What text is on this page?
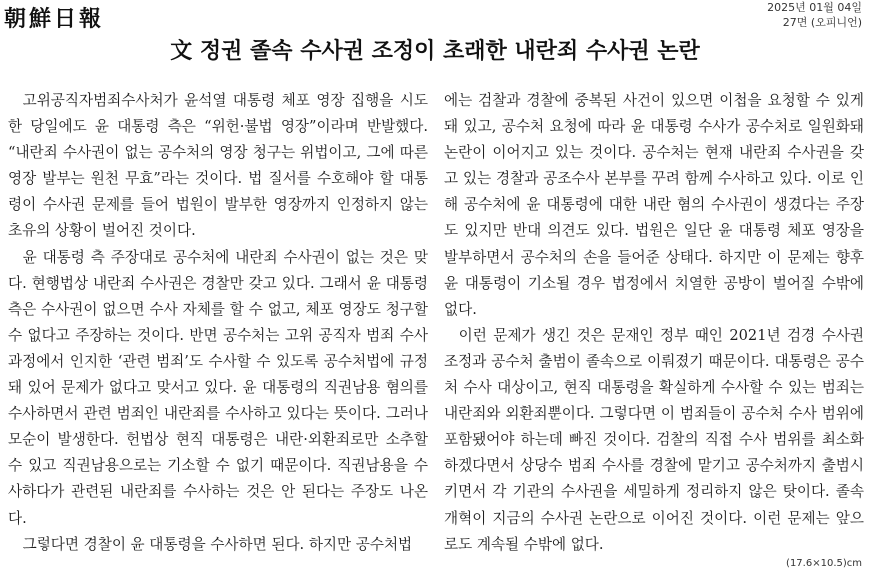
朝鮮日報	2025년 01월 04일
27면 (오피니언)
文 정권 졸속 수사권 조정이 초래한 내란죄 수사권 논란

고위공직자범죄수사처가 윤석열 대통령 체포 영장 집행을 시도한 당일에도 윤 대통령 측은 “위헌·불법 영장”이라며 반발했다. “내란죄 수사권이 없는 공수처의 영장 청구는 위법이고, 그에 따른 영장 발부는 원천 무효”라는 것이다. 법 질서를 수호해야 할 대통령이 수사권 문제를 들어 법원이 발부한 영장까지 인정하지 않는 초유의 상황이 벌어진 것이다.

윤 대통령 측 주장대로 공수처에 내란죄 수사권이 없는 것은 맞다. 현행법상 내란죄 수사권은 경찰만 갖고 있다. 그래서 윤 대통령 측은 수사권이 없으면 수사 자체를 할 수 없고, 체포 영장도 청구할 수 없다고 주장하는 것이다. 반면 공수처는 고위 공직자 범죄 수사 과정에서 인지한 ‘관련 범죄’도 수사할 수 있도록 공수처법에 규정돼 있어 문제가 없다고 맞서고 있다. 윤 대통령의 직권남용 혐의를 수사하면서 관련 범죄인 내란죄를 수사하고 있다는 뜻이다. 그러나 모순이 발생한다. 헌법상 현직 대통령은 내란·외환죄로만 소추할 수 있고 직권남용으로는 기소할 수 없기 때문이다. 직권남용을 수사하다가 관련된 내란죄를 수사하는 것은 안 된다는 주장도 나온다.

그렇다면 경찰이 윤 대통령을 수사하면 된다. 하지만 공수처법

에는 검찰과 경찰에 중복된 사건이 있으면 이첩을 요청할 수 있게 돼 있고, 공수처 요청에 따라 윤 대통령 수사가 공수처로 일원화돼 논란이 이어지고 있는 것이다. 공수처는 현재 내란죄 수사권을 갖고 있는 경찰과 공조수사 본부를 꾸려 함께 수사하고 있다. 이로 인해 공수처에 윤 대통령에 대한 내란 혐의 수사권이 생겼다는 주장도 있지만 반대 의견도 있다. 법원은 일단 윤 대통령 체포 영장을 발부하면서 공수처의 손을 들어준 상태다. 하지만 이 문제는 향후 윤 대통령이 기소될 경우 법정에서 치열한 공방이 벌어질 수밖에 없다.

이런 문제가 생긴 것은 문재인 정부 때인 2021년 검경 수사권 조정과 공수처 출범이 졸속으로 이뤄졌기 때문이다. 대통령은 공수처 수사 대상이고, 현직 대통령을 확실하게 수사할 수 있는 범죄는 내란죄와 외환죄뿐이다. 그렇다면 이 범죄들이 공수처 수사 범위에 포함됐어야 하는데 빠진 것이다. 검찰의 직접 수사 범위를 최소화하겠다면서 상당수 범죄 수사를 경찰에 맡기고 공수처까지 출범시키면서 각 기관의 수사권을 세밀하게 정리하지 않은 탓이다. 졸속 개혁이 지금의 수사권 논란으로 이어진 것이다. 이런 문제는 앞으로도 계속될 수밖에 없다.

(17.6×10.5)cm
